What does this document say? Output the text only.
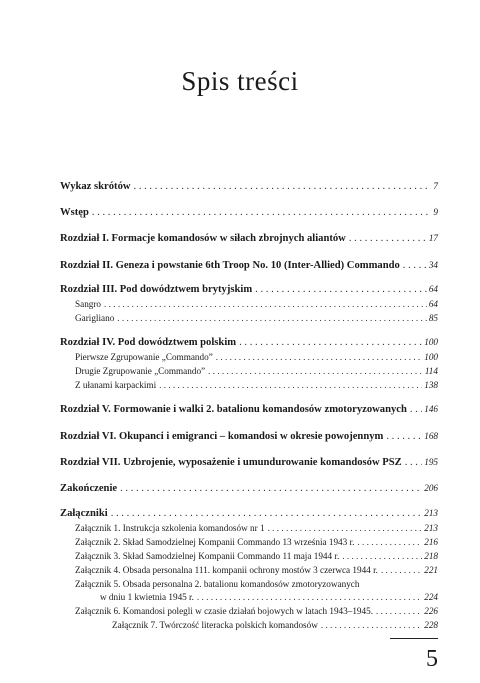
Spis treści
Wykaz skrótów . . .	7
Wstęp . . .	9
Rozdział I. Formacje komandosów w siłach zbrojnych aliantów . . .	17
Rozdział II. Geneza i powstanie 6th Troop No. 10 (Inter-Allied) Commando . . .	34
Rozdział III. Pod dowództwem brytyjskim . . .	64
Sangro . . .	64
Garigliano . . .	85
Rozdział IV. Pod dowództwem polskim . . .	100
Pierwsze Zgrupowanie „Commando” . . .	100
Drugie Zgrupowanie „Commando” . . .	114
Z ułanami karpackimi . . .	138
Rozdział V. Formowanie i walki 2. batalionu komandosów zmotoryzowanych . . . 146
Rozdział VI. Okupanci i emigranci – komandosi w okresie powojennym . . .	168
Rozdział VII. Uzbrojenie, wyposażenie i umundurowanie komandosów PSZ . . . 195
Zakończenie . . .	206
Załączniki . . .	213
Załącznik 1. Instrukcja szkolenia komandosów nr 1 . . .	213
Załącznik 2. Skład Samodzielnej Kompanii Commando 13 września 1943 r. . . .	216
Załącznik 3. Skład Samodzielnej Kompanii Commando 11 maja 1944 r. . . .	218
Załącznik 4. Obsada personalna 111. kompanii ochrony mostów 3 czerwca 1944 r. . . .	221
Załącznik 5. Obsada personalna 2. batalionu komandosów zmotoryzowanych
w dniu 1 kwietnia 1945 r. . . .	224
Załącznik 6. Komandosi polegli w czasie działań bojowych w latach 1943–1945. . . .	226
Załącznik 7. Twórczość literacka polskich komandosów . . .	228
5
